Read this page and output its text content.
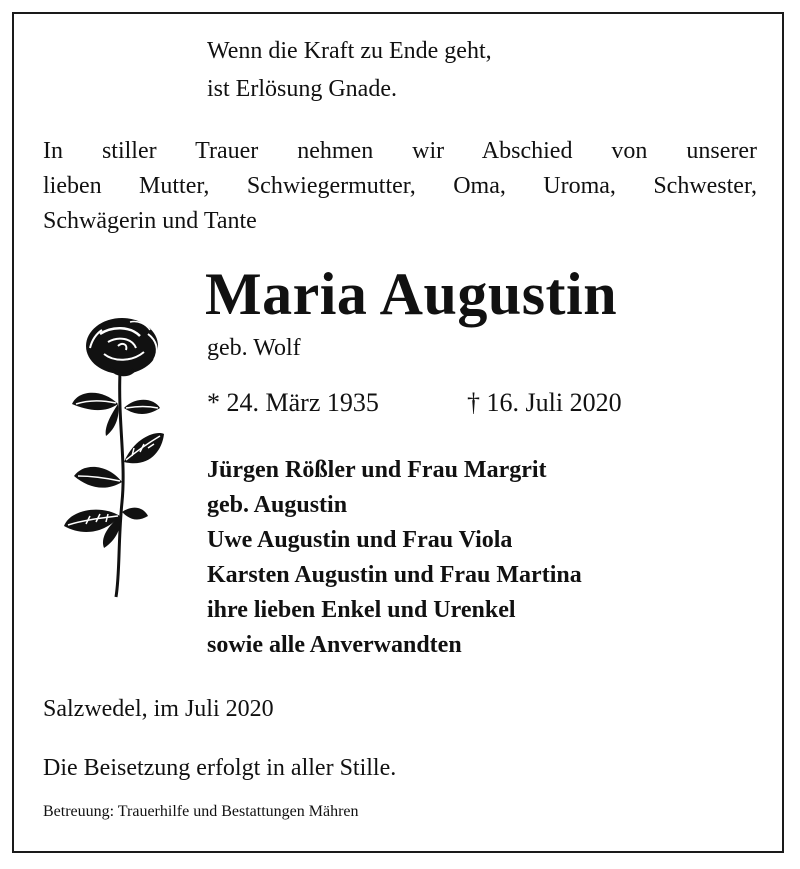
Wenn die Kraft zu Ende geht,
ist Erlösung Gnade.
In stiller Trauer nehmen wir Abschied von unserer
lieben Mutter, Schwiegermutter, Oma, Uroma, Schwester,
Schwägerin und Tante
Maria Augustin
geb. Wolf
* 24. März 1935	† 16. Juli 2020
Jürgen Rößler und Frau Margrit
geb. Augustin
Uwe Augustin und Frau Viola
Karsten Augustin und Frau Martina
ihre lieben Enkel und Urenkel
sowie alle Anverwandten
Salzwedel, im Juli 2020
Die Beisetzung erfolgt in aller Stille.
Betreuung: Trauerhilfe und Bestattungen Mähren
